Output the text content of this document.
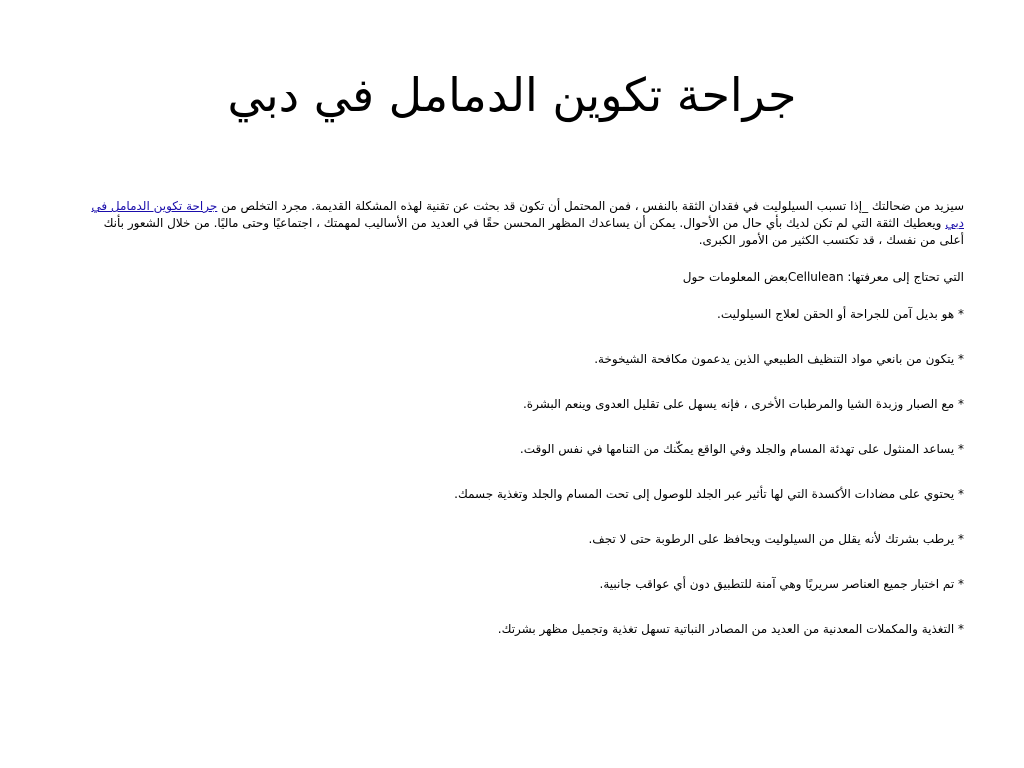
جراحة تكوين الدمامل في دبي

سيزيد من ضحالتك _إذا تسبب السيلوليت في فقدان الثقة بالنفس ، فمن المحتمل أن تكون قد بحثت عن تقنية لهذه المشكلة القديمة. مجرد التخلص من جراحة تكوين الدمامل في دبي ويعطيك الثقة التي لم تكن لديك بأي حال من الأحوال. يمكن أن يساعدك المظهر المحسن حقًا في العديد من الأساليب لمهمتك ، اجتماعيًا وحتى ماليًا. من خلال الشعور بأنك أعلى من نفسك ، قد تكتسب الكثير من الأمور الكبرى.

التي تحتاج إلى معرفتها: Celluleanبعض المعلومات حول

* هو بديل آمن للجراحة أو الحقن لعلاج السيلوليت.

* يتكون من بانعي مواد التنظيف الطبيعي الذين يدعمون مكافحة الشيخوخة.

* مع الصبار وزبدة الشيا والمرطبات الأخرى ، فإنه يسهل على تقليل العدوى وينعم البشرة.

* يساعد المنثول على تهدئة المسام والجلد وفي الواقع يمكّنك من التنامها في نفس الوقت.

* يحتوي على مضادات الأكسدة التي لها تأثير عبر الجلد للوصول إلى تحت المسام والجلد وتغذية جسمك.

* يرطب بشرتك لأنه يقلل من السيلوليت ويحافظ على الرطوبة حتى لا تجف.

* تم اختبار جميع العناصر سريريًا وهي آمنة للتطبيق دون أي عواقب جانبية.

* التغذية والمكملات المعدنية من العديد من المصادر النباتية تسهل تغذية وتجميل مظهر بشرتك.
